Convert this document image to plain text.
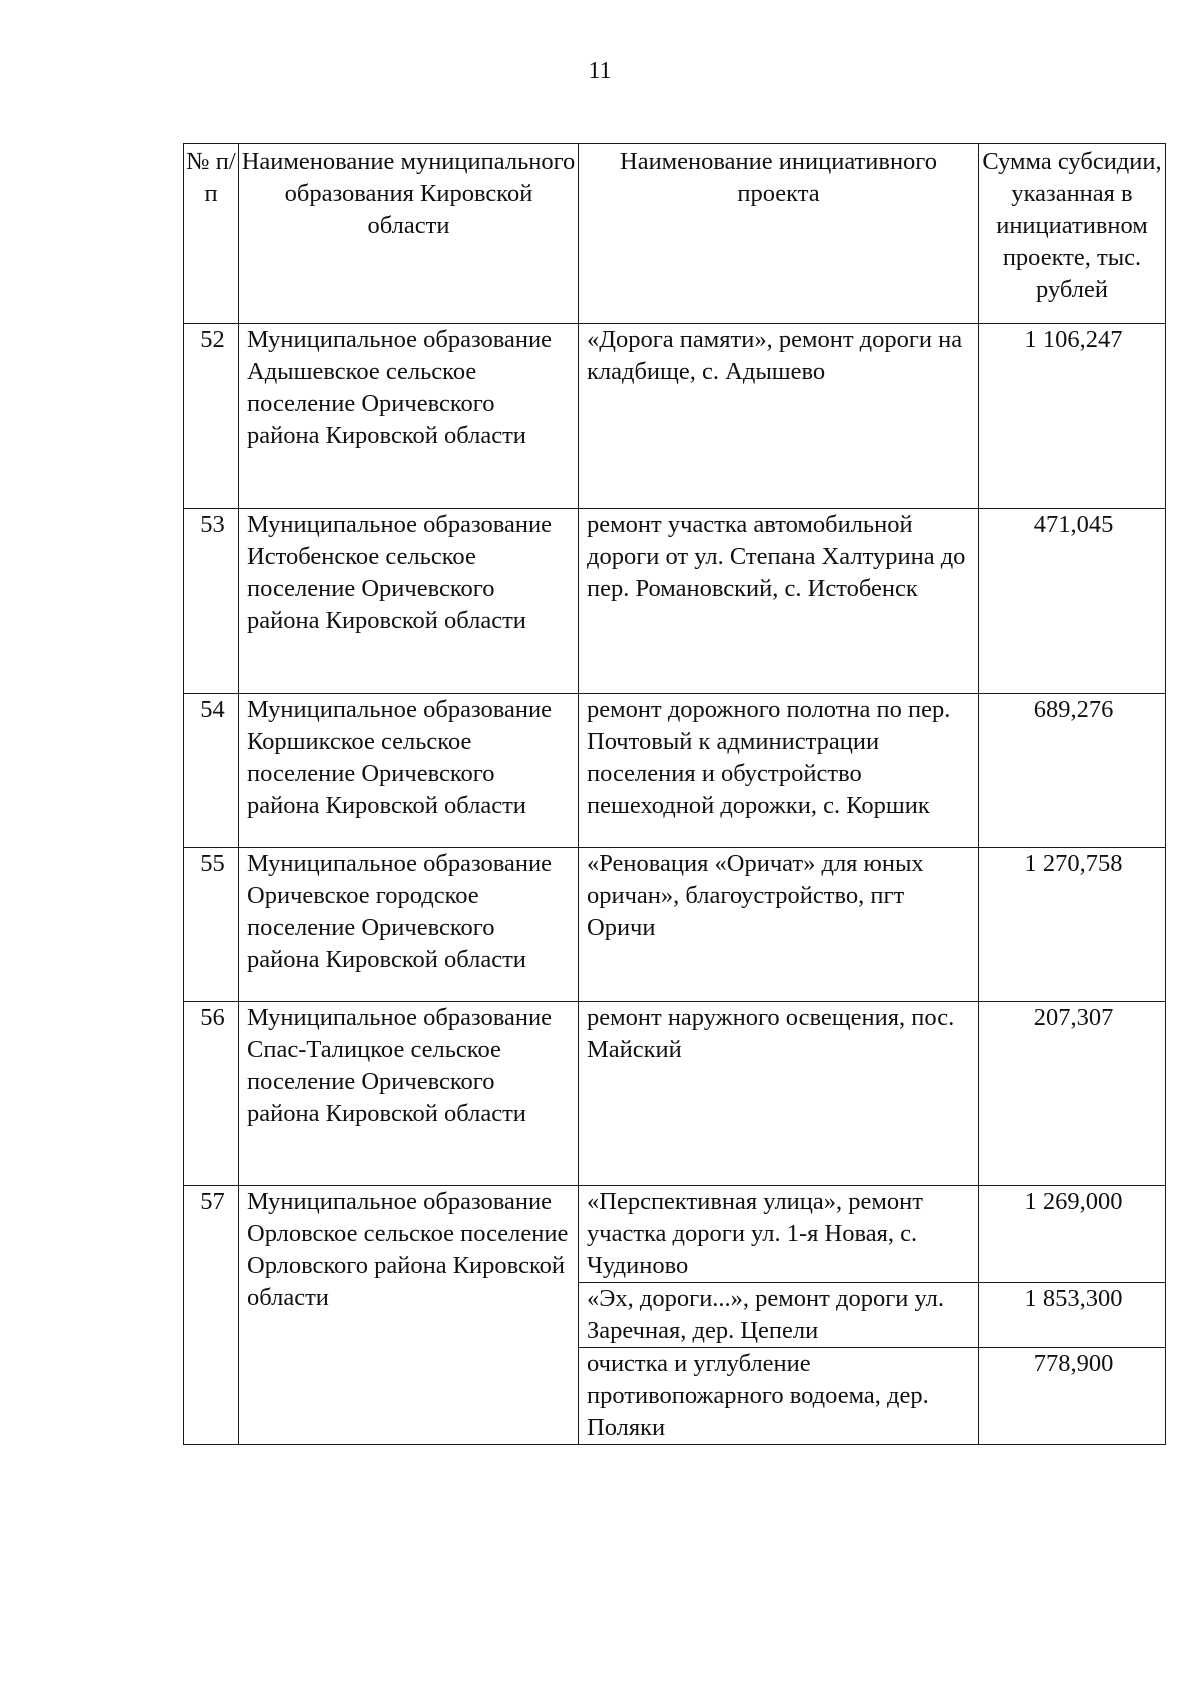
11
№ п/п	Наименование муниципального образования Кировской области	Наименование инициативного проекта	Сумма субсидии, указанная в инициативном проекте, тыс. рублей
52	Муниципальное образование Адышевское сельское поселение Оричевского района Кировской области	«Дорога памяти», ремонт дороги на кладбище, с. Адышево	1 106,247
53	Муниципальное образование Истобенское сельское поселение Оричевского района Кировской области	ремонт участка автомобильной дороги от ул. Степана Халтурина до пер. Романовский, с. Истобенск	471,045
54	Муниципальное образование Коршикское сельское поселение Оричевского района Кировской области	ремонт дорожного полотна по пер. Почтовый к администрации поселения и обустройство пешеходной дорожки, с. Коршик	689,276
55	Муниципальное образование Оричевское городское поселение Оричевского района Кировской области	«Реновация «Оричат» для юных оричан», благоустройство, пгт Оричи	1 270,758
56	Муниципальное образование Спас-Талицкое сельское поселение Оричевского района Кировской области	ремонт наружного освещения, пос. Майский	207,307
57	Муниципальное образование Орловское сельское поселение Орловского района Кировской области	«Перспективная улица», ремонт участка дороги ул. 1-я Новая, с. Чудиново	1 269,000
		«Эх, дороги...», ремонт дороги ул. Заречная, дер. Цепели	1 853,300
		очистка и углубление противопожарного водоема, дер. Поляки	778,900
